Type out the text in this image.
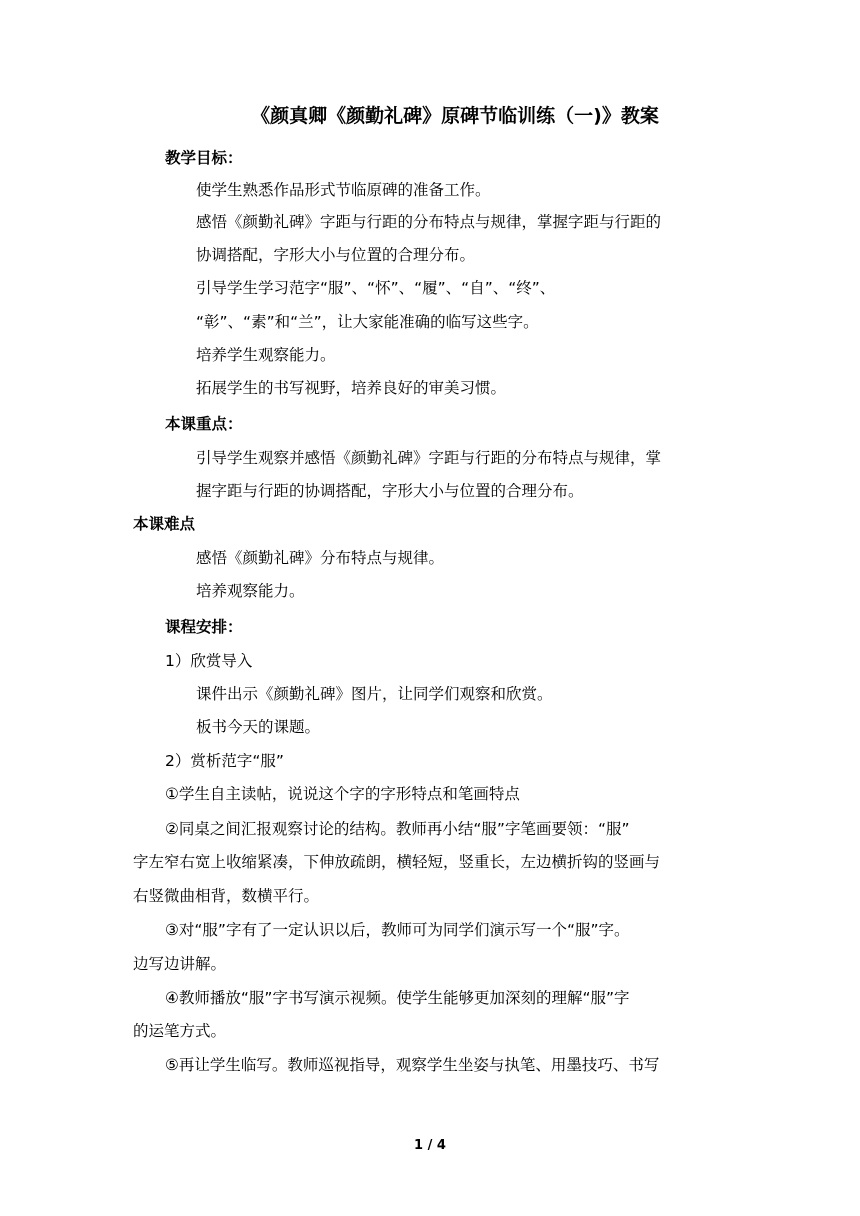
《颜真卿《颜勤礼碑》原碑节临训练（一)》教案
教学目标：
使学生熟悉作品形式节临原碑的准备工作。
感悟《颜勤礼碑》字距与行距的分布特点与规律，掌握字距与行距的
协调搭配，字形大小与位置的合理分布。
引导学生学习范字“服”、“怀”、“履”、“自”、“终”、
“彰”、“素”和“兰”，让大家能准确的临写这些字。
培养学生观察能力。
拓展学生的书写视野，培养良好的审美习惯。
本课重点：
引导学生观察并感悟《颜勤礼碑》字距与行距的分布特点与规律，掌
握字距与行距的协调搭配，字形大小与位置的合理分布。
本课难点
感悟《颜勤礼碑》分布特点与规律。
培养观察能力。
课程安排：
1）欣赏导入
课件出示《颜勤礼碑》图片，让同学们观察和欣赏。
板书今天的课题。
2）赏析范字“服”
①学生自主读帖，说说这个字的字形特点和笔画特点
②同桌之间汇报观察讨论的结构。教师再小结“服”字笔画要领：“服”
字左窄右宽上收缩紧凑，下伸放疏朗，横轻短，竖重长，左边横折钩的竖画与
右竖微曲相背，数横平行。
③对“服”字有了一定认识以后，教师可为同学们演示写一个“服”字。
边写边讲解。
④教师播放“服”字书写演示视频。使学生能够更加深刻的理解“服”字
的运笔方式。
⑤再让学生临写。教师巡视指导，观察学生坐姿与执笔、用墨技巧、书写
1 / 4
